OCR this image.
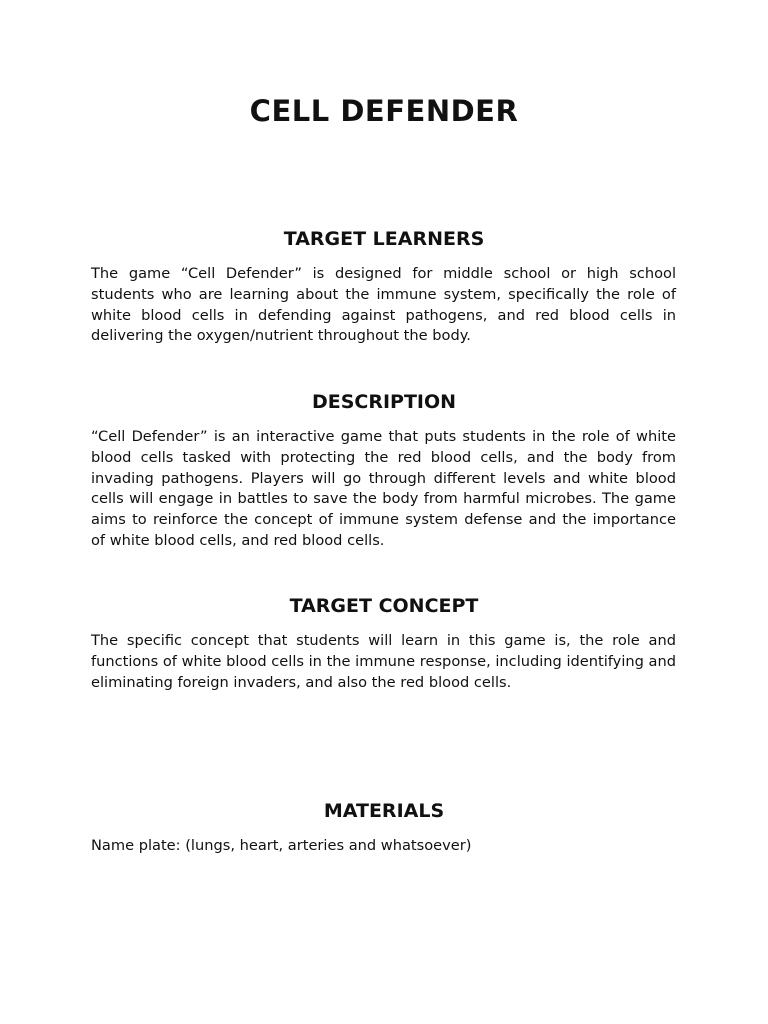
CELL DEFENDER
TARGET LEARNERS

The game “Cell Defender” is designed for middle school or high school students who are learning about the immune system, specifically the role of white blood cells in defending against pathogens, and red blood cells in delivering the oxygen/nutrient throughout the body.

DESCRIPTION

“Cell Defender” is an interactive game that puts students in the role of white blood cells tasked with protecting the red blood cells, and the body from invading pathogens. Players will go through different levels and white blood cells will engage in battles to save the body from harmful microbes. The game aims to reinforce the concept of immune system defense and the importance of white blood cells, and red blood cells.

TARGET CONCEPT

The specific concept that students will learn in this game is, the role and functions of white blood cells in the immune response, including identifying and eliminating foreign invaders, and also the red blood cells.

MATERIALS

Name plate: (lungs, heart, arteries and whatsoever)
